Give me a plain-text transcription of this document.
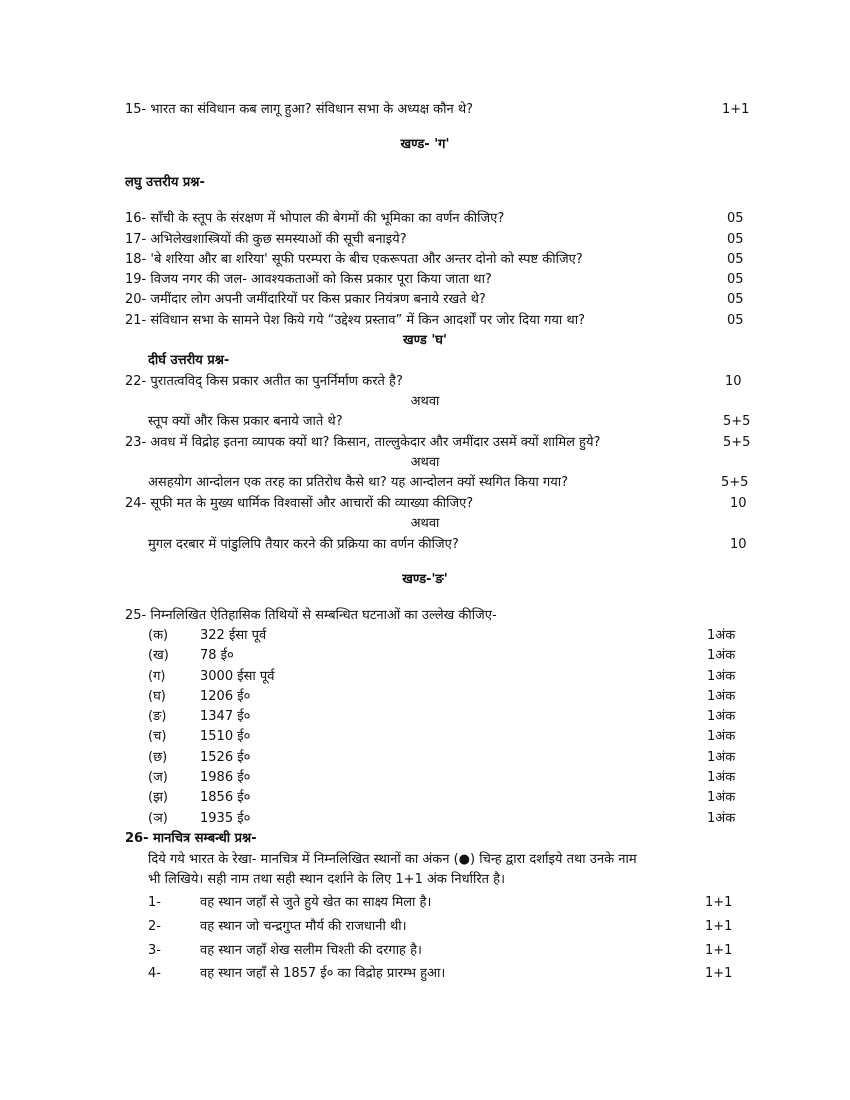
15- भारत का संविधान कब लागू हुआ? संविधान सभा के अध्यक्ष कौन थे?	1+1
खण्ड- 'ग'
लघु उत्तरीय प्रश्न-
16- साँची के स्तूप के संरक्षण में भोपाल की बेगमों की भूमिका का वर्णन कीजिए?	05
17- अभिलेखशास्त्रियों की कुछ समस्याओं की सूची बनाइये?	05
18- 'बे शरिया और बा शरिया' सूफी परम्परा के बीच एकरूपता और अन्तर दोनो को स्पष्ट कीजिए?	05
19- विजय नगर की जल- आवश्यकताओं को किस प्रकार पूरा किया जाता था?	05
20- जमींदार लोग अपनी जमींदारियों पर किस प्रकार नियंत्रण बनाये रखते थे?	05
21- संविधान सभा के सामने पेश किये गये “उद्देश्य प्रस्ताव” में किन आदर्शों पर जोर दिया गया था?	05
खण्ड 'घ'
दीर्घ उत्तरीय प्रश्न-
22- पुरातत्वविद् किस प्रकार अतीत का पुनर्निर्माण करते है?	10
अथवा
स्तूप क्यों और किस प्रकार बनाये जाते थे?	5+5
23- अवध में विद्रोह इतना व्यापक क्यों था? किसान, ताल्लुकेदार और जमींदार उसमें क्यों शामिल हुये?	5+5
अथवा
असहयोग आन्दोलन एक तरह का प्रतिरोध कैसे था? यह आन्दोलन क्यों स्थगित किया गया?	5+5
24- सूफी मत के मुख्य धार्मिक विश्वासों और आचारों की व्याख्या कीजिए?	10
अथवा
मुगल दरबार में पांडुलिपि तैयार करने की प्रक्रिया का वर्णन कीजिए?	10
खण्ड-'ङ'
25- निम्नलिखित ऐतिहासिक तिथियों से सम्बन्धित घटनाओं का उल्लेख कीजिए-
(क) 322 ईसा पूर्व	1अंक
(ख) 78 ई०	1अंक
(ग)	3000 ईसा पूर्व	1अंक
(घ)	1206 ई०	1अंक
(ङ)	1347 ई०	1अंक
(च)	1510 ई०	1अंक
(छ)	1526 ई०	1अंक
(ज) 1986 ई०	1अंक
(झ) 1856 ई०	1अंक
(ञ) 1935 ई०	1अंक
26- मानचित्र सम्बन्धी प्रश्न-
दिये गये भारत के रेखा- मानचित्र में निम्नलिखित स्थानों का अंकन (●) चिन्ह द्वारा दर्शाइये तथा उनके नाम
भी लिखिये। सही नाम तथा सही स्थान दर्शाने के लिए 1+1 अंक निर्धारित है।
1-	वह स्थान जहाँ से जुते हुये खेत का साक्ष्य मिला है।	1+1
2-	वह स्थान जो चन्द्रगुप्त मौर्य की राजधानी थी।	1+1
3-	वह स्थान जहाँ शेख सलीम चिश्ती की दरगाह है।	1+1
4-	वह स्थान जहाँ से 1857 ई० का विद्रोह प्रारम्भ हुआ।	1+1
